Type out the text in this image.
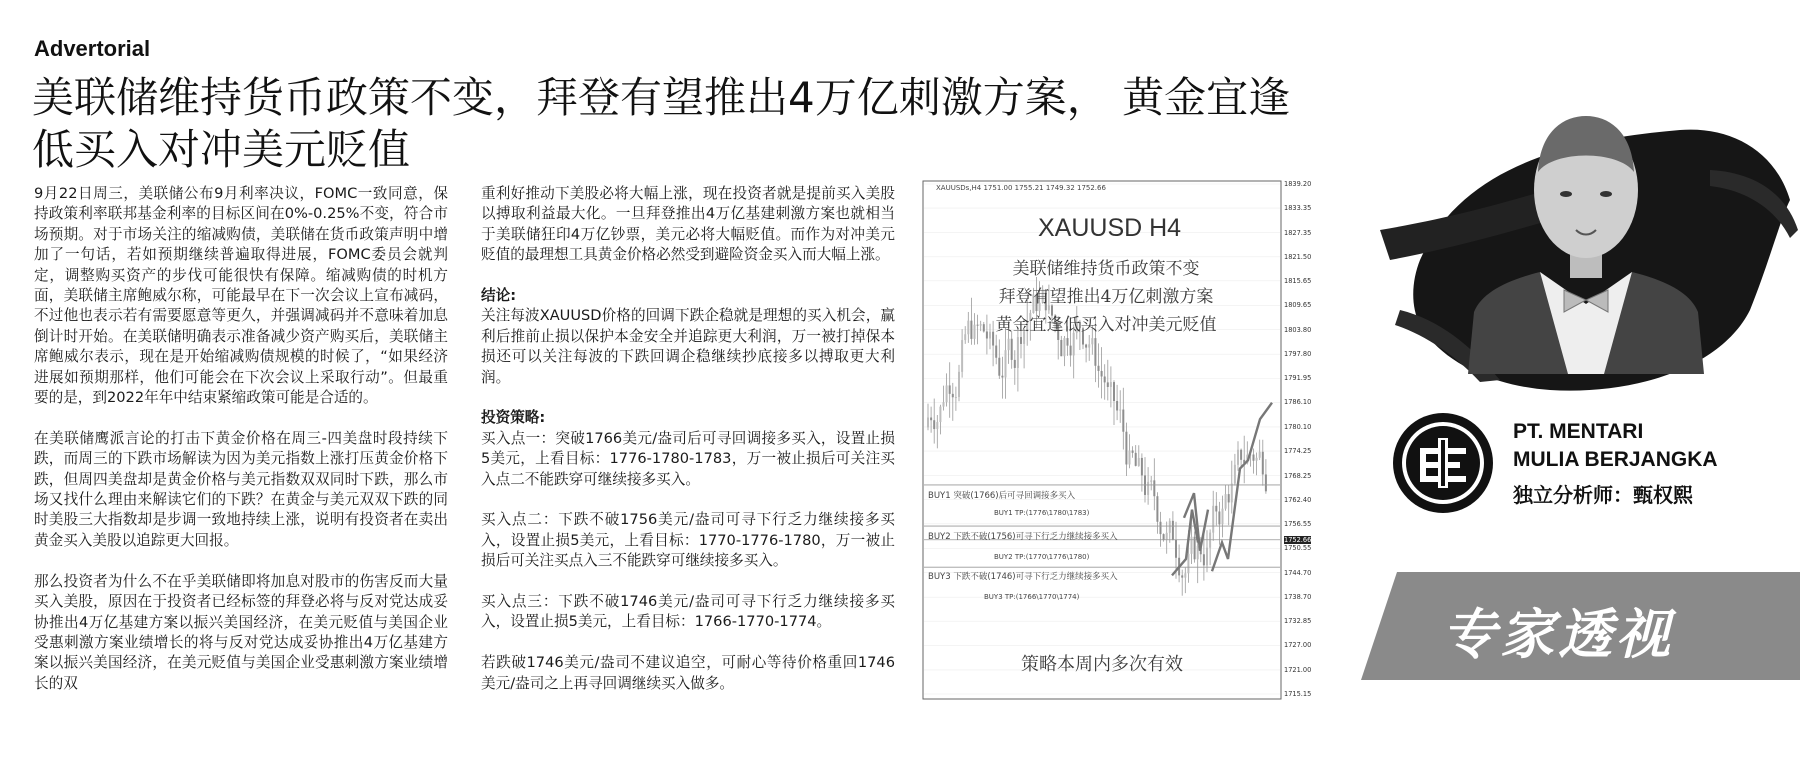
Advertorial
美联储维持货币政策不变，拜登有望推出4万亿刺激方案， 黄金宜逢低买入对冲美元贬值

9月22日周三，美联储公布9月利率决议，FOMC一致同意，保持政策利率联邦基金利率的目标区间在0%-0.25%不变，符合市场预期。对于市场关注的缩减购债，美联储在货币政策声明中增加了一句话，若如预期继续普遍取得进展，FOMC委员会就判定，调整购买资产的步伐可能很快有保障。缩减购债的时机方面，美联储主席鲍威尔称，可能最早在下一次会议上宣布减码，不过他也表示若有需要愿意等更久，并强调减码并不意味着加息倒计时开始。在美联储明确表示准备减少资产购买后，美联储主席鲍威尔表示，现在是开始缩减购债规模的时候了，“如果经济进展如预期那样，他们可能会在下次会议上采取行动”。但最重要的是，到2022年年中结束紧缩政策可能是合适的。

在美联储鹰派言论的打击下黄金价格在周三-四美盘时段持续下跌，而周三的下跌市场解读为因为美元指数上涨打压黄金价格下跌，但周四美盘却是黄金价格与美元指数双双同时下跌，那么市场又找什么理由来解读它们的下跌？在黄金与美元双双下跌的同时美股三大指数却是步调一致地持续上涨，说明有投资者在卖出黄金买入美股以追踪更大回报。

那么投资者为什么不在乎美联储即将加息对股市的伤害反而大量买入美股，原因在于投资者已经标签的拜登必将与反对党达成妥协推出4万亿基建方案以振兴美国经济，在美元贬值与美国企业受惠刺激方案业绩增长的将与反对党达成妥协推出4万亿基建方案以振兴美国经济，在美元贬值与美国企业受惠刺激方案业绩增长的双

重利好推动下美股必将大幅上涨，现在投资者就是提前买入美股以搏取利益最大化。一旦拜登推出4万亿基建刺激方案也就相当于美联储狂印4万亿钞票，美元必将大幅贬值。而作为对冲美元贬值的最理想工具黄金价格必然受到避险资金买入而大幅上涨。

结论:

关注每波XAUUSD价格的回调下跌企稳就是理想的买入机会，赢利后推前止损以保护本金安全并追踪更大利润，万一被打掉保本损还可以关注每波的下跌回调企稳继续抄底接多以搏取更大利润。

投资策略:

买入点一：突破1766美元/盎司后可寻回调接多买入，设置止损5美元，上看目标：1776-1780-1783，万一被止损后可关注买入点二不能跌穿可继续接多买入。

买入点二：下跌不破1756美元/盎司可寻下行乏力继续接多买入，设置止损5美元，上看目标：1770-1776-1780，万一被止损后可关注买点入三不能跌穿可继续接多买入。

买入点三：下跌不破1746美元/盎司可寻下行乏力继续接多买入，设置止损5美元，上看目标：1766-1770-1774。

若跌破1746美元/盎司不建议追空，可耐心等待价格重回1746美元/盎司之上再寻回调继续买入做多。

XAUUSDs,H4 1751.00 1755.21 1749.32 1752.66
XAUUSD H4
美联储维持货币政策不变
拜登有望推出4万亿刺激方案
黄金宜逢低买入对冲美元贬值
BUY1 突破(1766)后可寻回调接多买入
BUY1 TP:(1776\1780\1783)
BUY2 下跌不破(1756)可寻下行乏力继续接多买入
BUY2 TP:(1770\1776\1780)
BUY3 下跌不破(1746)可寻下行乏力继续接多买入
BUY3 TP:(1766\1770\1774)
策略本周内多次有效
1839.20
1833.35
1827.35
1821.50
1815.65
1809.65
1803.80
1797.80
1791.95
1786.10
1780.10
1774.25
1768.25
1762.40
1756.55
1752.66
1750.55
1744.70
1738.70
1732.85
1727.00
1721.00
1715.15
PT. MENTARI
MULIA BERJANGKA
独立分析师：甄权熙
专家透视
